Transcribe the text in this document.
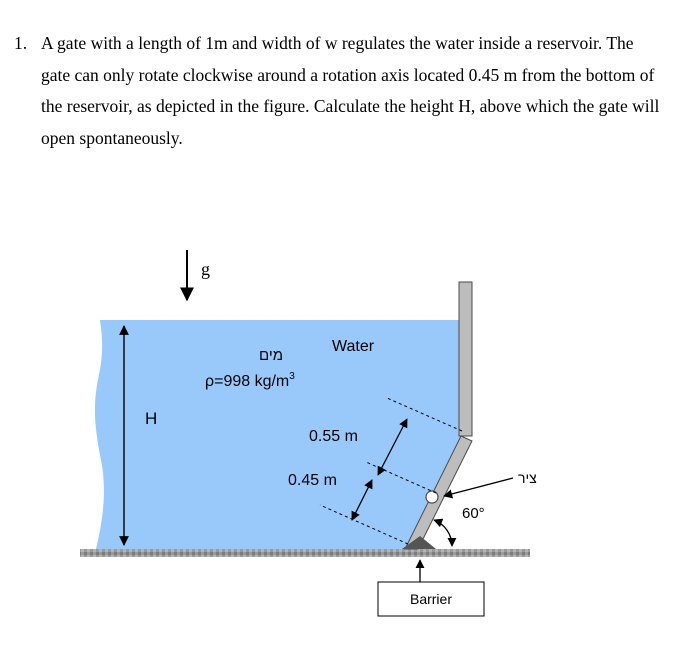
1. A gate with a length of 1m and width of w regulates the water inside a reservoir. The gate can only rotate clockwise around a rotation axis located 0.45 m from the bottom of the reservoir, as depicted in the figure. Calculate the height H, above which the gate will open spontaneously.
g
H
Water
מים
ρ=998 $kg/m^3$
0.55 m
0.45 m
60°
ציר
Barrier
